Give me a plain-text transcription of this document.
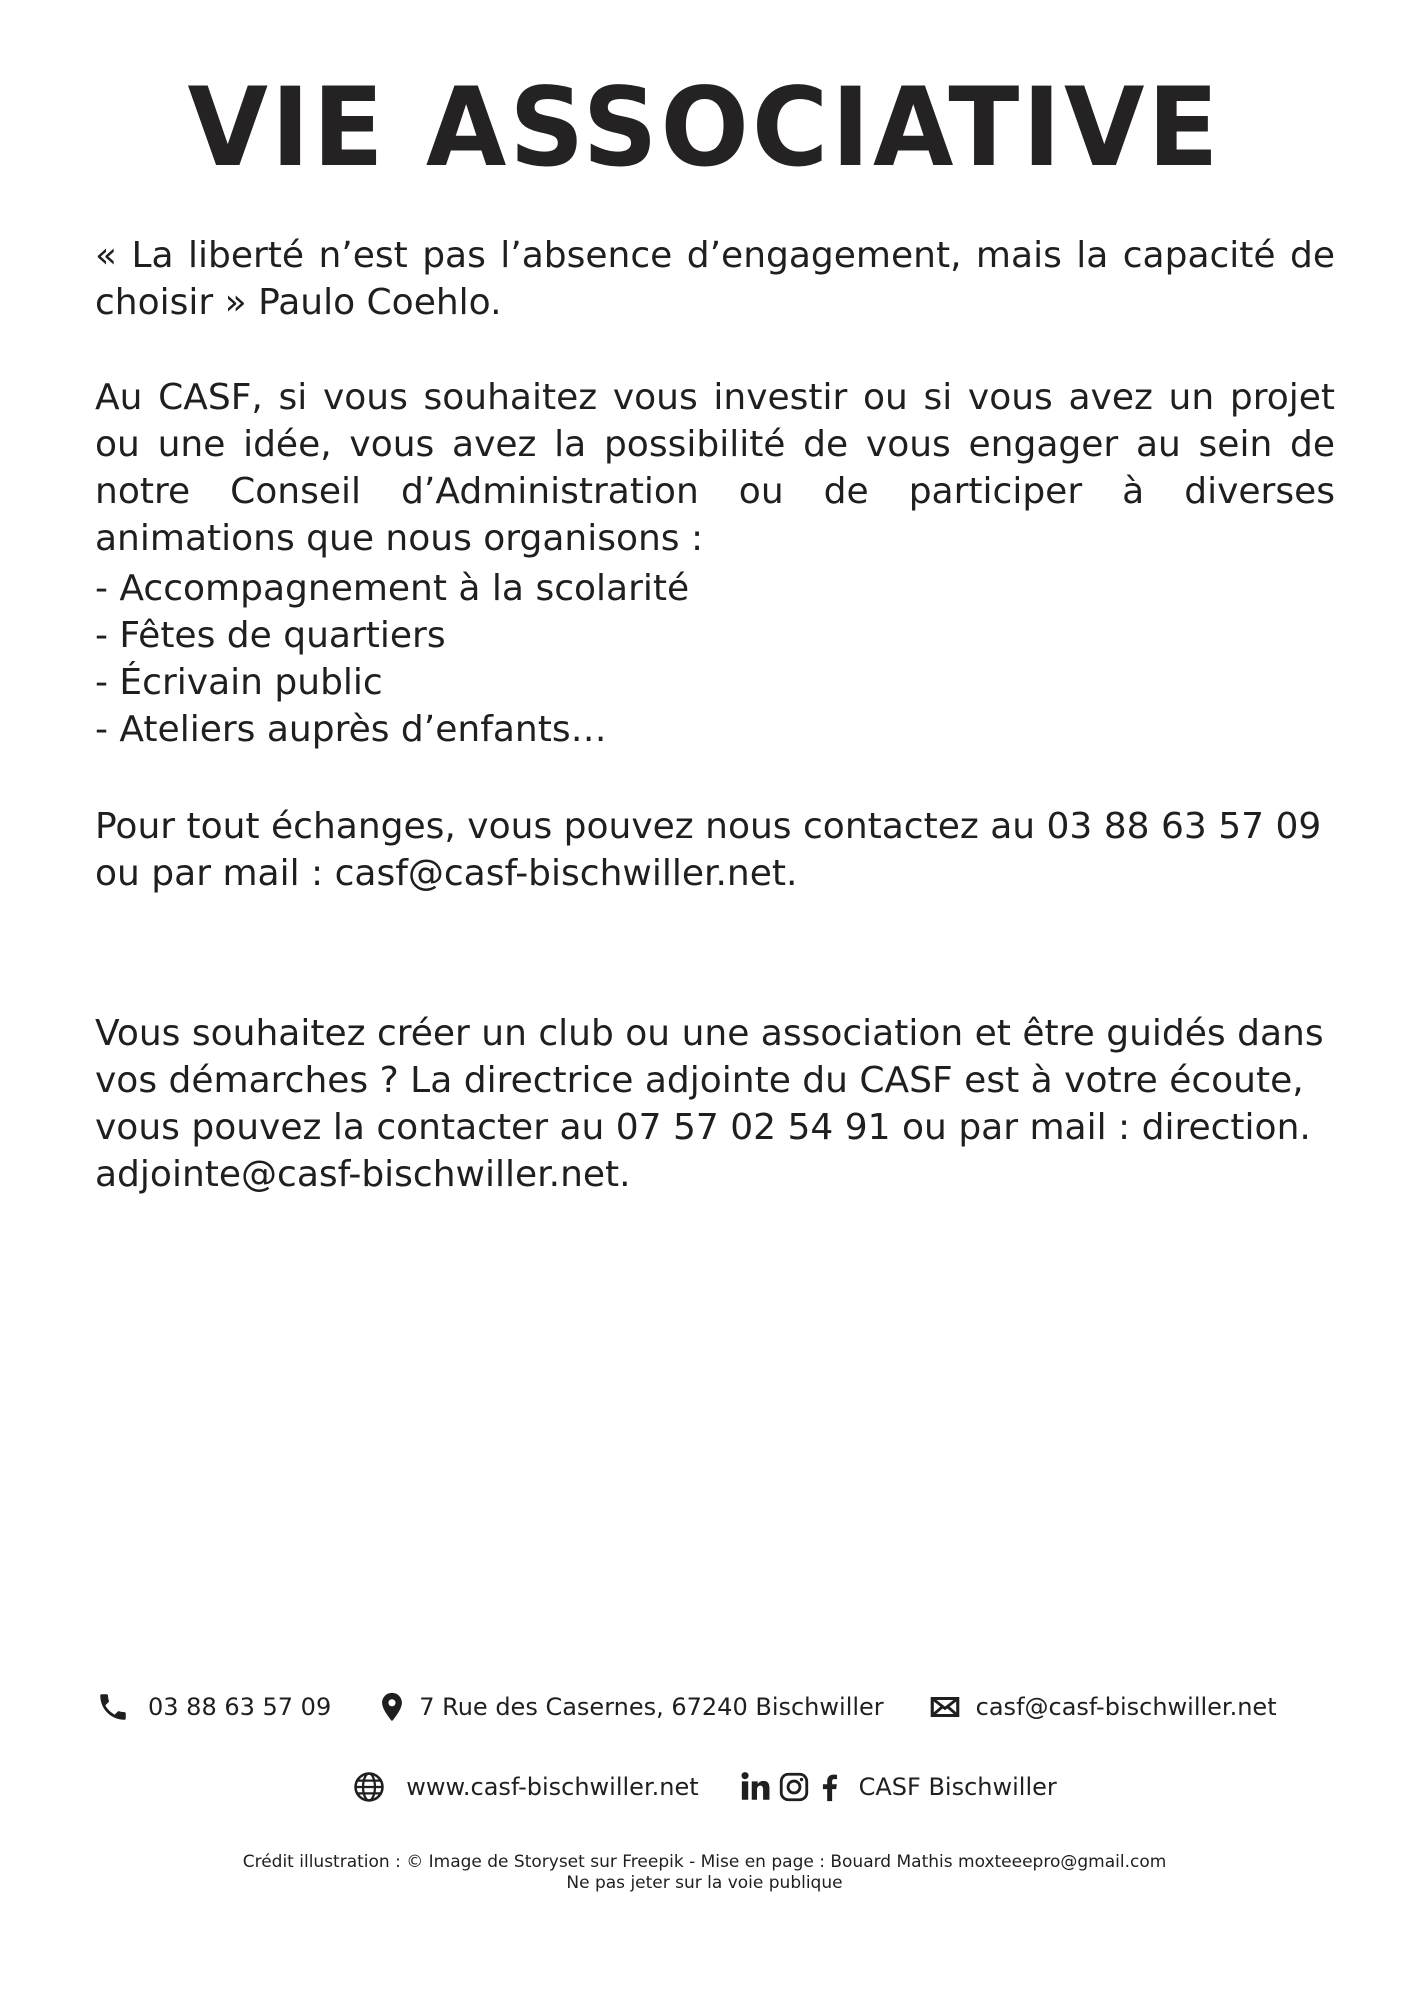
VIE ASSOCIATIVE
« La liberté n’est pas l’absence d’engagement, mais la capacité de choisir » Paulo Coehlo.
Au CASF, si vous souhaitez vous investir ou si vous avez un projet ou une idée, vous avez la possibilité de vous engager au sein de notre Conseil d’Administration ou de participer à diverses animations que nous organisons :
- Accompagnement à la scolarité
- Fêtes de quartiers
- Écrivain public
- Ateliers auprès d’enfants…
Pour tout échanges, vous pouvez nous contactez au 03 88 63 57 09
ou par mail : casf@casf-bischwiller.net.
Vous souhaitez créer un club ou une association et être guidés dans
vos démarches ? La directrice adjointe du CASF est à votre écoute,
vous pouvez la contacter au 07 57 02 54 91 ou par mail : direction.
adjointe@casf-bischwiller.net.
03 88 63 57 09	7 Rue des Casernes, 67240 Bischwiller	casf@casf-bischwiller.net
www.casf-bischwiller.net	CASF Bischwiller
Crédit illustration : © Image de Storyset sur Freepik - Mise en page : Bouard Mathis moxteeepro@gmail.com
Ne pas jeter sur la voie publique
